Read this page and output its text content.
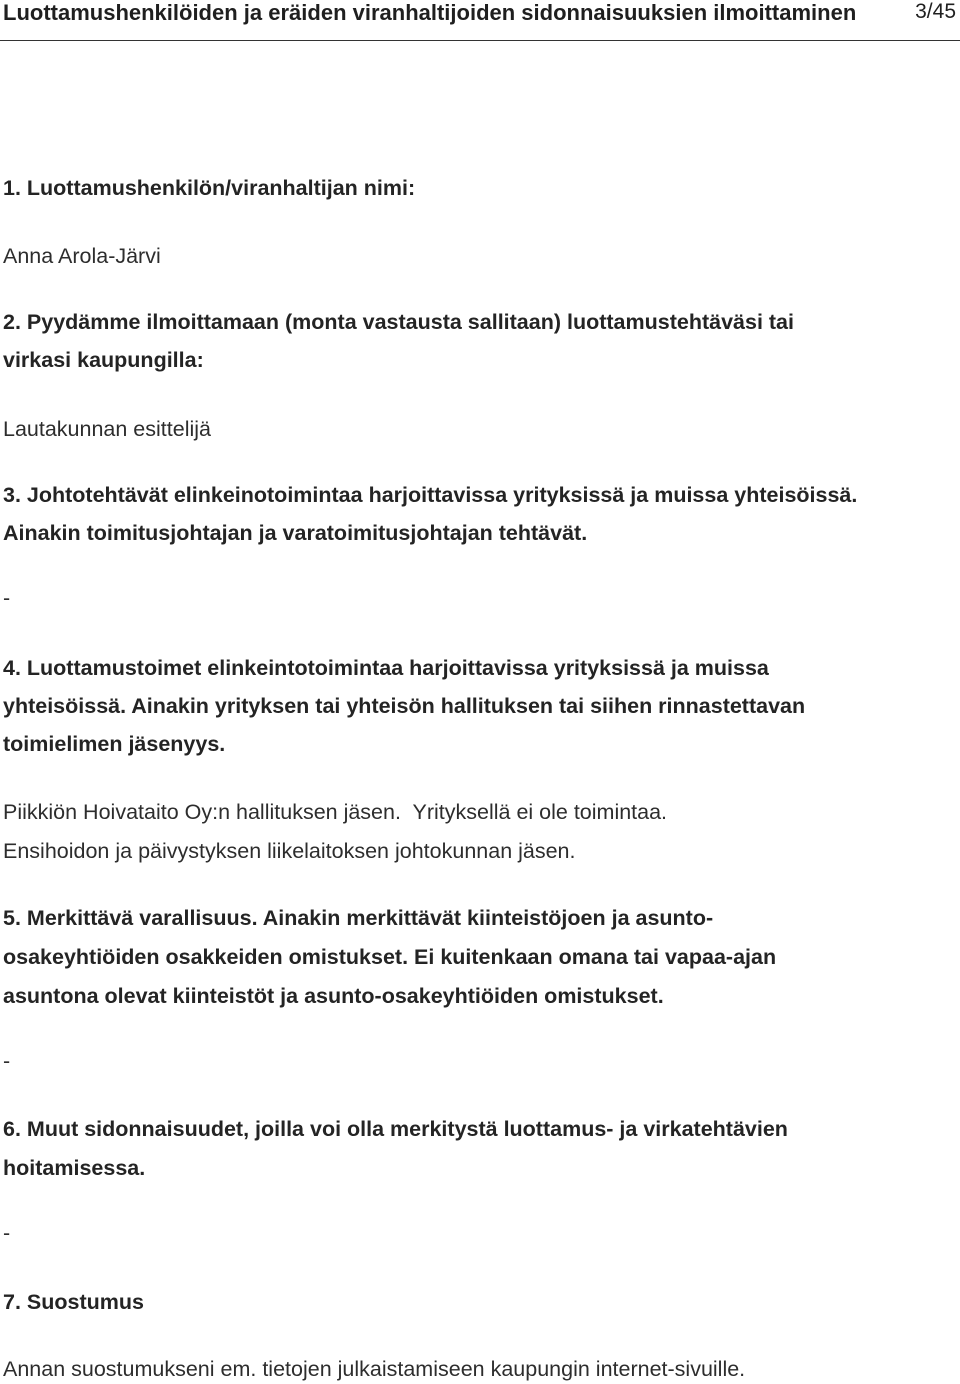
Luottamushenkilöiden ja eräiden viranhaltijoiden sidonnaisuuksien ilmoittaminen	3/45
1. Luottamushenkilön/viranhaltijan nimi:
Anna Arola-Järvi
2. Pyydämme ilmoittamaan (monta vastausta sallitaan) luottamustehtäväsi tai
virkasi kaupungilla:
Lautakunnan esittelijä
3. Johtotehtävät elinkeinotoimintaa harjoittavissa yrityksissä ja muissa yhteisöissä.
Ainakin toimitusjohtajan ja varatoimitusjohtajan tehtävät.
-
4. Luottamustoimet elinkeintotoimintaa harjoittavissa yrityksissä ja muissa
yhteisöissä. Ainakin yrityksen tai yhteisön hallituksen tai siihen rinnastettavan
toimielimen jäsenyys.
Piikkiön Hoivataito Oy:n hallituksen jäsen.  Yrityksellä ei ole toimintaa.
Ensihoidon ja päivystyksen liikelaitoksen johtokunnan jäsen.
5. Merkittävä varallisuus. Ainakin merkittävät kiinteistöjoen ja asunto-
osakeyhtiöiden osakkeiden omistukset. Ei kuitenkaan omana tai vapaa-ajan
asuntona olevat kiinteistöt ja asunto-osakeyhtiöiden omistukset.
-
6. Muut sidonnaisuudet, joilla voi olla merkitystä luottamus- ja virkatehtävien
hoitamisessa.
-
7. Suostumus
Annan suostumukseni em. tietojen julkaistamiseen kaupungin internet-sivuille.
